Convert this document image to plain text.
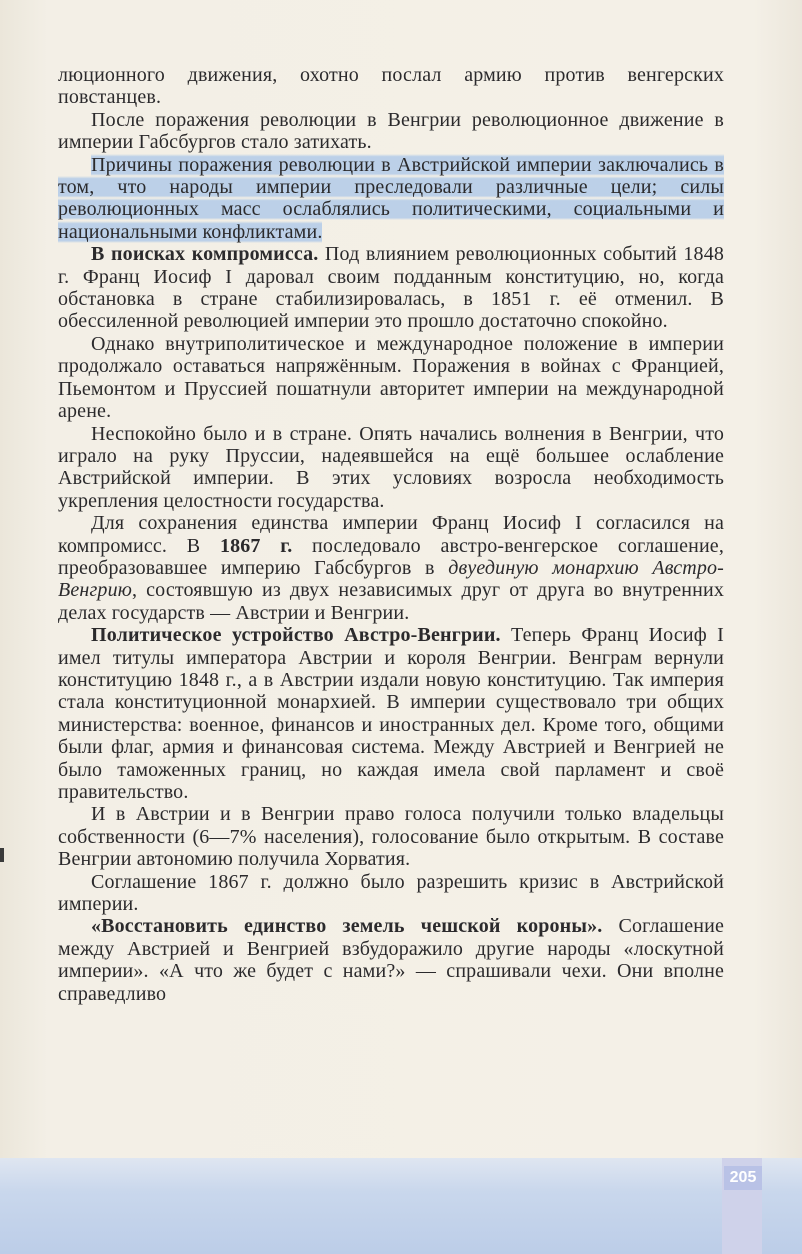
люционного движения, охотно послал армию против венгерских повстанцев.

После поражения революции в Венгрии революционное движение в империи Габсбургов стало затихать.

Причины поражения революции в Австрийской империи заключались в том, что народы империи преследовали различные цели; силы революционных масс ослаблялись политическими, социальными и национальными конфликтами.

В поисках компромисса. Под влиянием революционных событий 1848 г. Франц Иосиф I даровал своим подданным конституцию, но, когда обстановка в стране стабилизировалась, в 1851 г. её отменил. В обессиленной революцией империи это прошло достаточно спокойно.

Однако внутриполитическое и международное положение в империи продолжало оставаться напряжённым. Поражения в войнах с Францией, Пьемонтом и Пруссией пошатнули авторитет империи на международной арене.

Неспокойно было и в стране. Опять начались волнения в Венгрии, что играло на руку Пруссии, надеявшейся на ещё большее ослабление Австрийской империи. В этих условиях возросла необходимость укрепления целостности государства.

Для сохранения единства империи Франц Иосиф I согласился на компромисс. В 1867 г. последовало австро-венгерское соглашение, преобразовавшее империю Габсбургов в двуединую монархию Австро-Венгрию, состоявшую из двух независимых друг от друга во внутренних делах государств — Австрии и Венгрии.

Политическое устройство Австро-Венгрии. Теперь Франц Иосиф I имел титулы императора Австрии и короля Венгрии. Венграм вернули конституцию 1848 г., а в Австрии издали новую конституцию. Так империя стала конституционной монархией. В империи существовало три общих министерства: военное, финансов и иностранных дел. Кроме того, общими были флаг, армия и финансовая система. Между Австрией и Венгрией не было таможенных границ, но каждая имела свой парламент и своё правительство.

И в Австрии и в Венгрии право голоса получили только владельцы собственности (6—7% населения), голосование было открытым. В составе Венгрии автономию получила Хорватия.

Соглашение 1867 г. должно было разрешить кризис в Австрийской империи.

«Восстановить единство земель чешской короны». Соглашение между Австрией и Венгрией взбудоражило другие народы «лоскутной империи». «А что же будет с нами?» — спрашивали чехи. Они вполне справедливо

205
